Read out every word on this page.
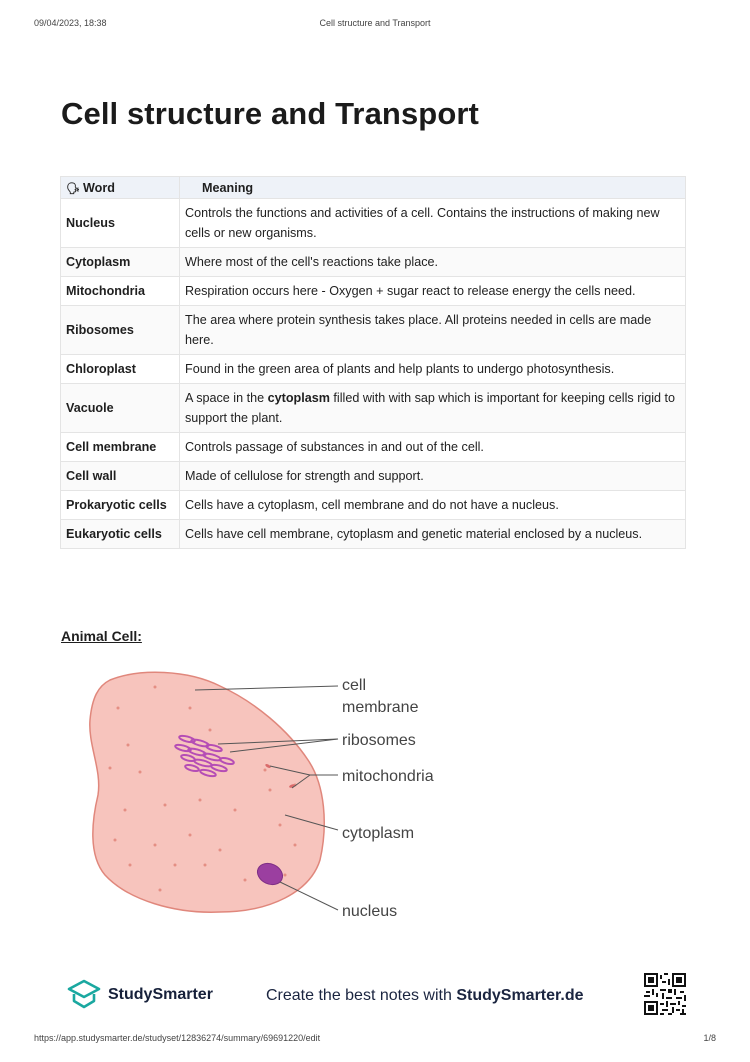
09/04/2023, 18:38	Cell structure and Transport
Cell structure and Transport
🗣 Word	Meaning
Nucleus	Controls the functions and activities of a cell. Contains the instructions of making new cells or new organisms.
Cytoplasm	Where most of the cell's reactions take place.
Mitochondria	Respiration occurs here - Oxygen + sugar react to release energy the cells need.
Ribosomes	The area where protein synthesis takes place. All proteins needed in cells are made here.
Chloroplast	Found in the green area of plants and help plants to undergo photosynthesis.
Vacuole	A space in the cytoplasm filled with with sap which is important for keeping cells rigid to support the plant.
Cell membrane	Controls passage of substances in and out of the cell.
Cell wall	Made of cellulose for strength and support.
Prokaryotic cells	Cells have a cytoplasm, cell membrane and do not have a nucleus.
Eukaryotic cells	Cells have cell membrane, cytoplasm and genetic material enclosed by a nucleus.
Animal Cell:
cell
membrane
ribosomes
mitochondria
cytoplasm
nucleus
StudySmarter	Create the best notes with StudySmarter.de
https://app.studysmarter.de/studyset/12836274/summary/69691220/edit	1/8
